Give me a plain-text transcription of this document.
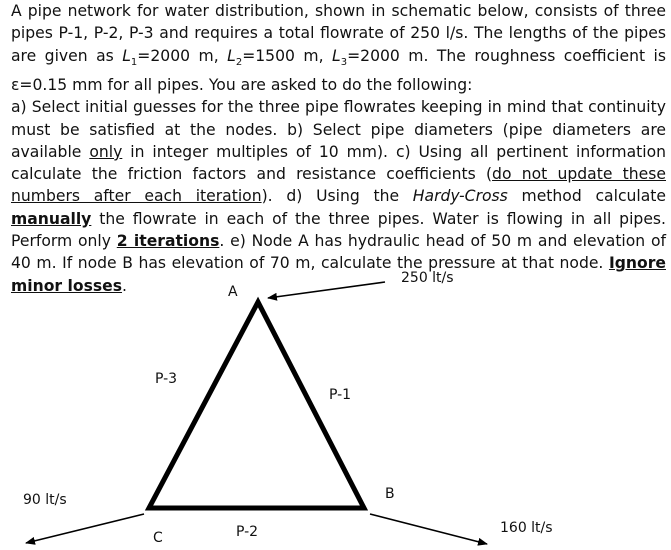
A pipe network for water distribution, shown in schematic below, consists of three pipes P-1, P-2, P-3 and requires a total flowrate of 250 l/s. The lengths of the pipes are given as $L_1=2000$ m, $L_2=1500$ m, $L_3=2000$ m. The roughness coefficient is ε=0.15 mm for all pipes. You are asked to do the following:

a) Select initial guesses for the three pipe flowrates keeping in mind that continuity must be satisfied at the nodes. b) Select pipe diameters (pipe diameters are available only in integer multiples of 10 mm). c) Using all pertinent information calculate the friction factors and resistance coefficients (do not update these numbers after each iteration). d) Using the Hardy-Cross method calculate manually the flowrate in each of the three pipes. Water is flowing in all pipes. Perform only 2 iterations. e) Node A has hydraulic head of 50 m and elevation of 40 m. If node B has elevation of 70 m, calculate the pressure at that node. Ignore minor losses.	A
B
C
P-1
P-2
P-3
250 lt/s
90 lt/s
160 lt/s
